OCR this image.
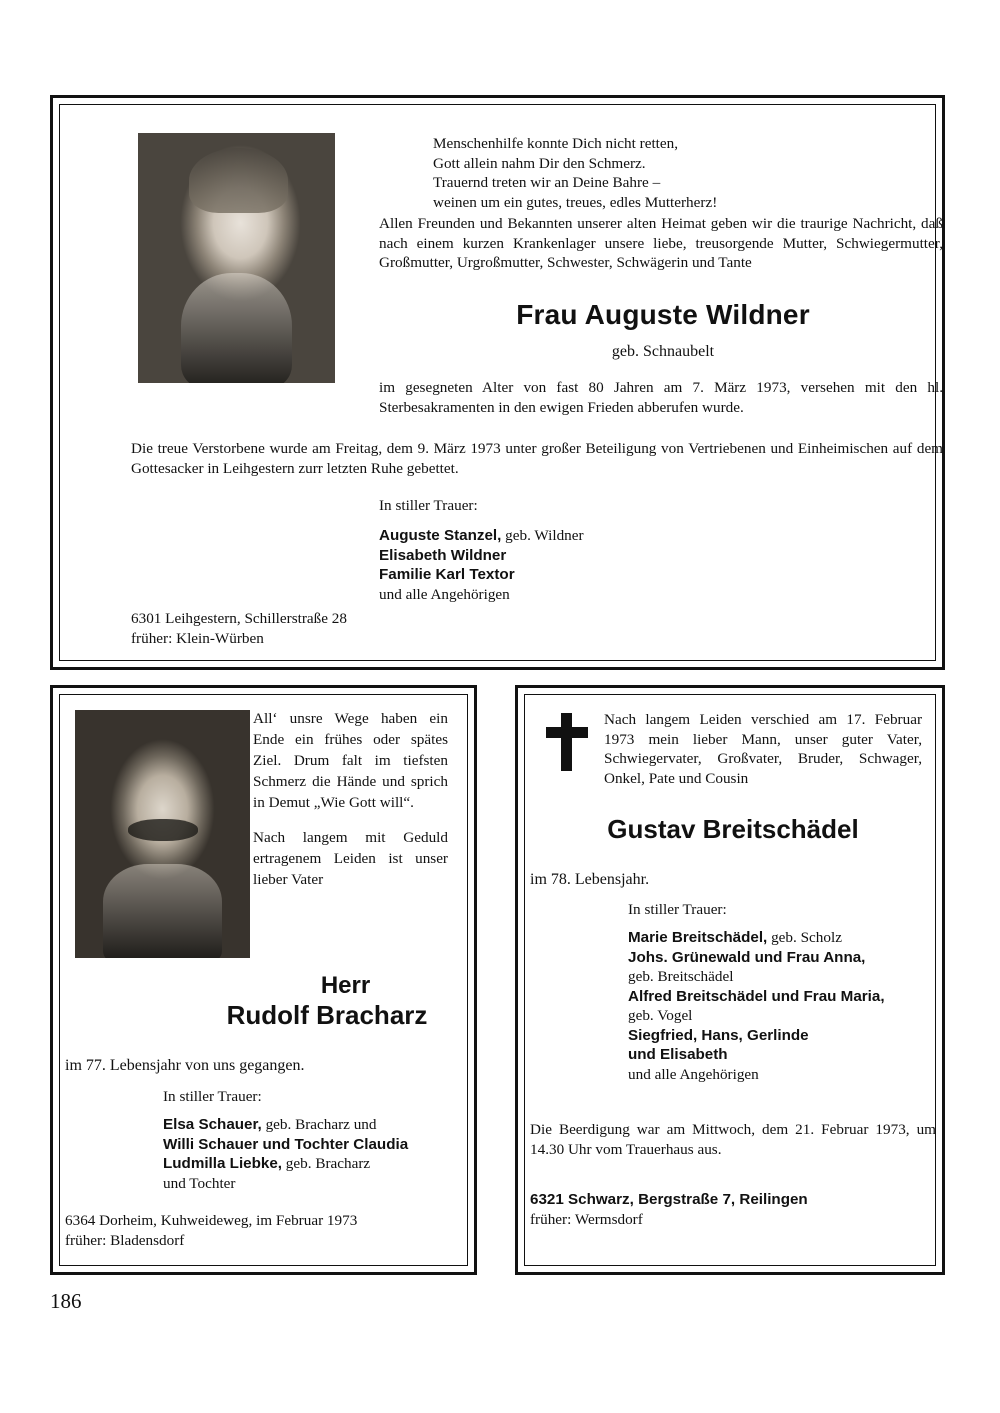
Menschenhilfe konnte Dich nicht retten,
Gott allein nahm Dir den Schmerz.
Trauernd treten wir an Deine Bahre –
weinen um ein gutes, treues, edles Mutterherz!
Allen Freunden und Bekannten unserer alten Heimat geben wir die traurige Nachricht, daß nach einem kurzen Krankenlager unsere liebe, treusorgende Mutter, Schwiegermutter, Großmutter, Urgroßmutter, Schwester, Schwägerin und Tante
Frau Auguste Wildner
geb. Schnaubelt
im gesegneten Alter von fast 80 Jahren am 7. März 1973, versehen mit den hl. Sterbesakramenten in den ewigen Frieden abberufen wurde.
Die treue Verstorbene wurde am Freitag, dem 9. März 1973 unter großer Beteiligung von Vertriebenen und Einheimischen auf dem Gottesacker in Leihgestern zurr letzten Ruhe gebettet.
In stiller Trauer:
Auguste Stanzel, geb. Wildner
Elisabeth Wildner
Familie Karl Textor
und alle Angehörigen
6301 Leihgestern, Schillerstraße 28
früher: Klein-Würben

All‘ unsre Wege haben ein Ende ein frühes oder spätes Ziel. Drum falt im tiefsten Schmerz die Hände und sprich in Demut „Wie Gott will“.

Nach langem mit Geduld ertragenem Leiden ist unser lieber Vater

Herr
Rudolf Bracharz
im 77. Lebensjahr von uns gegangen.
In stiller Trauer:
Elsa Schauer, geb. Bracharz und
Willi Schauer und Tochter Claudia
Ludmilla Liebke, geb. Bracharz
und Tochter
6364 Dorheim, Kuhweideweg, im Februar 1973
früher: Bladensdorf
Nach langem Leiden verschied am 17. Februar 1973 mein lieber Mann, unser guter Vater, Schwiegervater, Großvater, Bruder, Schwager, Onkel, Pate und Cousin
Gustav Breitschädel
im 78. Lebensjahr.
In stiller Trauer:
Marie Breitschädel, geb. Scholz
Johs. Grünewald und Frau Anna,
geb. Breitschädel
Alfred Breitschädel und Frau Maria,
geb. Vogel
Siegfried, Hans, Gerlinde
und Elisabeth
und alle Angehörigen
Die Beerdigung war am Mittwoch, dem 21. Februar 1973, um 14.30 Uhr vom Trauerhaus aus.
6321 Schwarz, Bergstraße 7, Reilingen
früher: Wermsdorf
186
